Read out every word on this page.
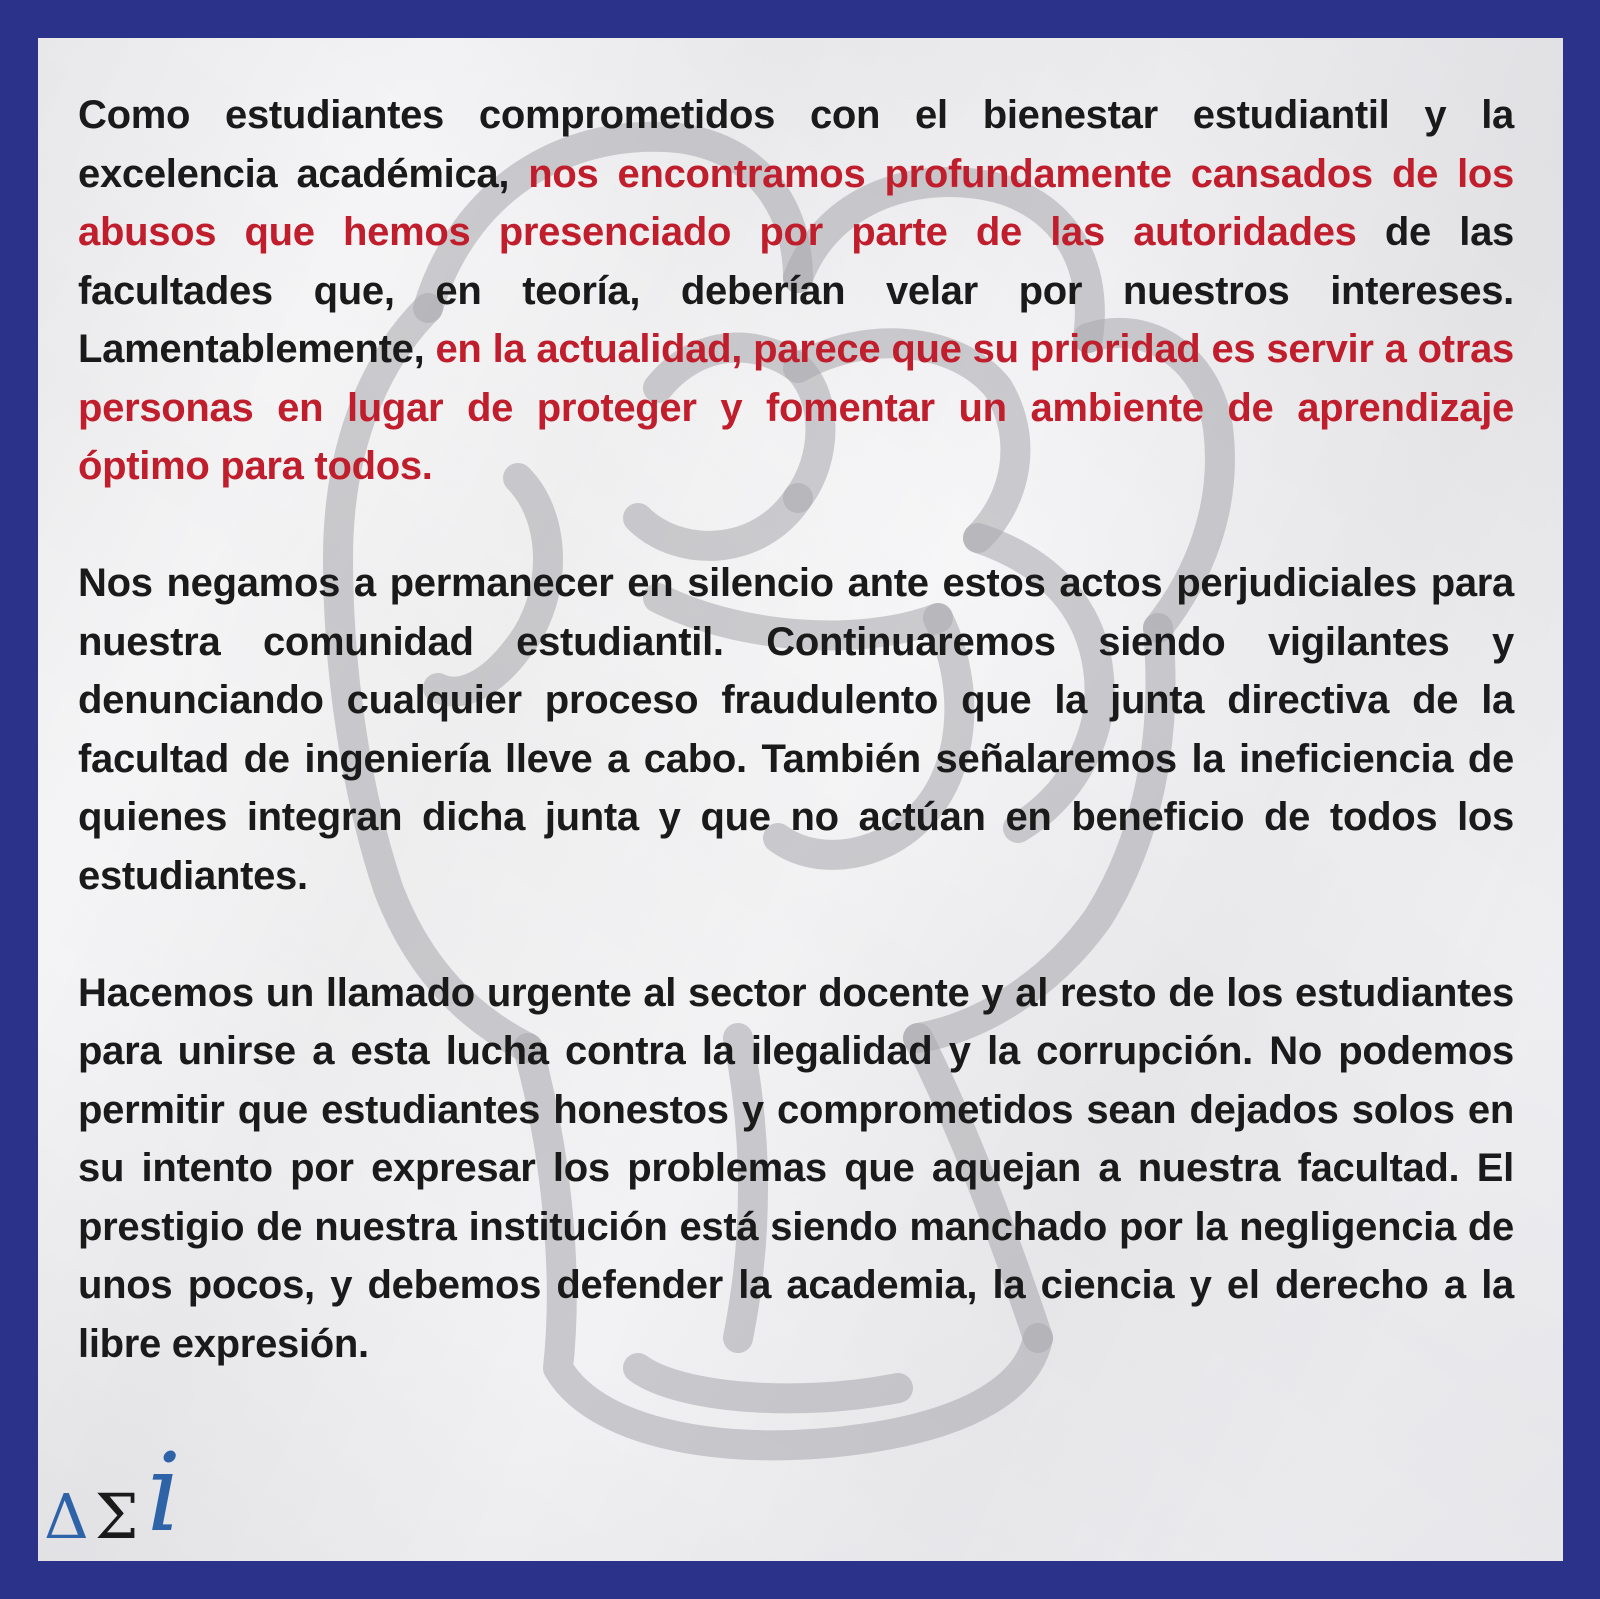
Como estudiantes comprometidos con el bienestar estudiantil y la excelencia académica, nos encontramos profundamente cansados de los abusos que hemos presenciado por parte de las autoridades de las facultades que, en teoría, deberían velar por nuestros intereses. Lamentablemente, en la actualidad, parece que su prioridad es servir a otras personas en lugar de proteger y fomentar un ambiente de aprendizaje óptimo para todos.

Nos negamos a permanecer en silencio ante estos actos perjudiciales para nuestra comunidad estudiantil. Continuaremos siendo vigilantes y denunciando cualquier proceso fraudulento que la junta directiva de la facultad de ingeniería lleve a cabo. También señalaremos la ineficiencia de quienes integran dicha junta y que no actúan en beneficio de todos los estudiantes.

Hacemos un llamado urgente al sector docente y al resto de los estudiantes para unirse a esta lucha contra la ilegalidad y la corrupción. No podemos permitir que estudiantes honestos y comprometidos sean dejados solos en su intento por expresar los problemas que aquejan a nuestra facultad. El prestigio de nuestra institución está siendo manchado por la negligencia de unos pocos, y debemos defender la academia, la ciencia y el derecho a la libre expresión.

Δ Σ i
